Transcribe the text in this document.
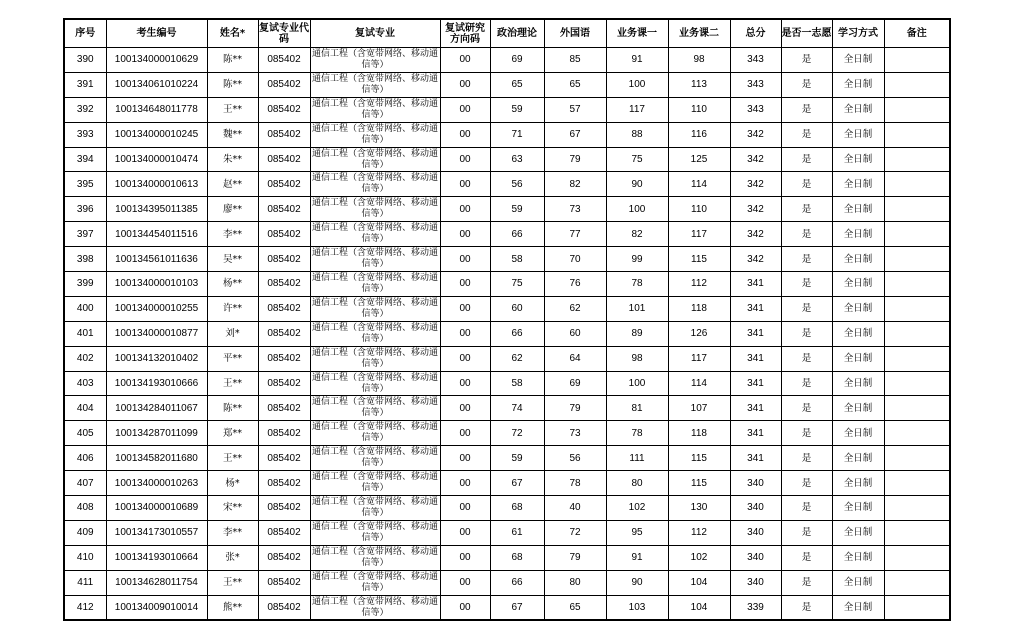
序号	考生编号	姓名*	复试专业代码	复试专业	复试研究方向码	政治理论	外国语	业务课一	业务课二	总分	是否一志愿	学习方式	备注
390	100134000010629	陈**	085402	通信工程（含宽带网络、移动通信等）	00	69	85	91	98	343	是	全日制	
391	100134061010224	陈**	085402	通信工程（含宽带网络、移动通信等）	00	65	65	100	113	343	是	全日制	
392	100134648011778	王**	085402	通信工程（含宽带网络、移动通信等）	00	59	57	117	110	343	是	全日制	
393	100134000010245	魏**	085402	通信工程（含宽带网络、移动通信等）	00	71	67	88	116	342	是	全日制	
394	100134000010474	朱**	085402	通信工程（含宽带网络、移动通信等）	00	63	79	75	125	342	是	全日制	
395	100134000010613	赵**	085402	通信工程（含宽带网络、移动通信等）	00	56	82	90	114	342	是	全日制	
396	100134395011385	廖**	085402	通信工程（含宽带网络、移动通信等）	00	59	73	100	110	342	是	全日制	
397	100134454011516	李**	085402	通信工程（含宽带网络、移动通信等）	00	66	77	82	117	342	是	全日制	
398	100134561011636	吴**	085402	通信工程（含宽带网络、移动通信等）	00	58	70	99	115	342	是	全日制	
399	100134000010103	杨**	085402	通信工程（含宽带网络、移动通信等）	00	75	76	78	112	341	是	全日制	
400	100134000010255	许**	085402	通信工程（含宽带网络、移动通信等）	00	60	62	101	118	341	是	全日制	
401	100134000010877	刘*	085402	通信工程（含宽带网络、移动通信等）	00	66	60	89	126	341	是	全日制	
402	100134132010402	平**	085402	通信工程（含宽带网络、移动通信等）	00	62	64	98	117	341	是	全日制	
403	100134193010666	王**	085402	通信工程（含宽带网络、移动通信等）	00	58	69	100	114	341	是	全日制	
404	100134284011067	陈**	085402	通信工程（含宽带网络、移动通信等）	00	74	79	81	107	341	是	全日制	
405	100134287011099	郑**	085402	通信工程（含宽带网络、移动通信等）	00	72	73	78	118	341	是	全日制	
406	100134582011680	王**	085402	通信工程（含宽带网络、移动通信等）	00	59	56	111	115	341	是	全日制	
407	100134000010263	杨*	085402	通信工程（含宽带网络、移动通信等）	00	67	78	80	115	340	是	全日制	
408	100134000010689	宋**	085402	通信工程（含宽带网络、移动通信等）	00	68	40	102	130	340	是	全日制	
409	100134173010557	李**	085402	通信工程（含宽带网络、移动通信等）	00	61	72	95	112	340	是	全日制	
410	100134193010664	张*	085402	通信工程（含宽带网络、移动通信等）	00	68	79	91	102	340	是	全日制	
411	100134628011754	王**	085402	通信工程（含宽带网络、移动通信等）	00	66	80	90	104	340	是	全日制	
412	100134009010014	熊**	085402	通信工程（含宽带网络、移动通信等）	00	67	65	103	104	339	是	全日制	
